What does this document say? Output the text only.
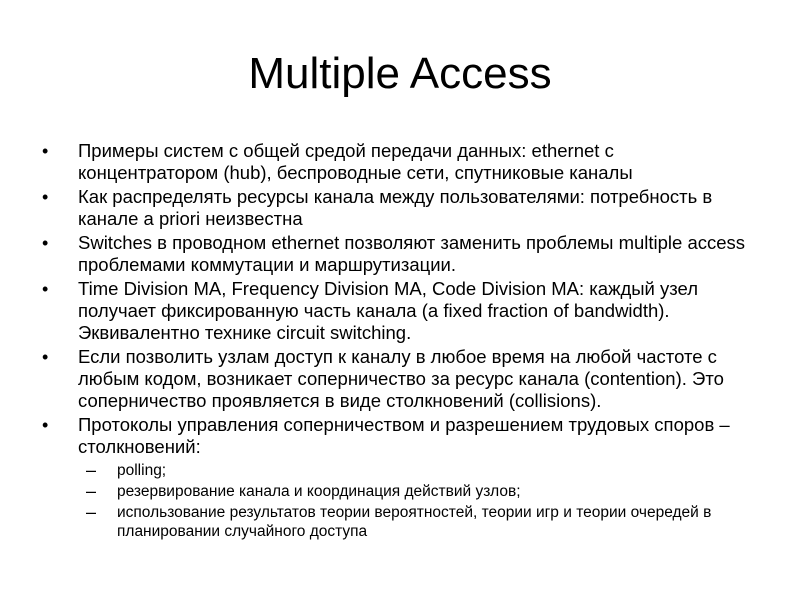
Multiple Access
• Примеры систем с общей средой передачи данных: ethernet с концентратором (hub), беспроводные сети, спутниковые каналы
• Как распределять ресурсы канала между пользователями: потребность в канале a priori неизвестна
• Switches в проводном ethernet позволяют заменить проблемы multiple access проблемами коммутации и маршрутизации.
• Time Division MA, Frequency Division MA, Code Division MA: каждый узел получает фиксированную часть канала (a fixed fraction of bandwidth). Эквивалентно технике circuit switching.
• Если позволить узлам доступ к каналу в любое время на любой частоте с любым кодом, возникает соперничество за ресурс канала (contention). Это соперничество проявляется в виде столкновений (collisions).
• Протоколы управления соперничеством и разрешением трудовых споров – столкновений:
– polling;
– резервирование канала и координация действий узлов;
– использование результатов теории вероятностей, теории игр и теории очередей в планировании случайного доступа
